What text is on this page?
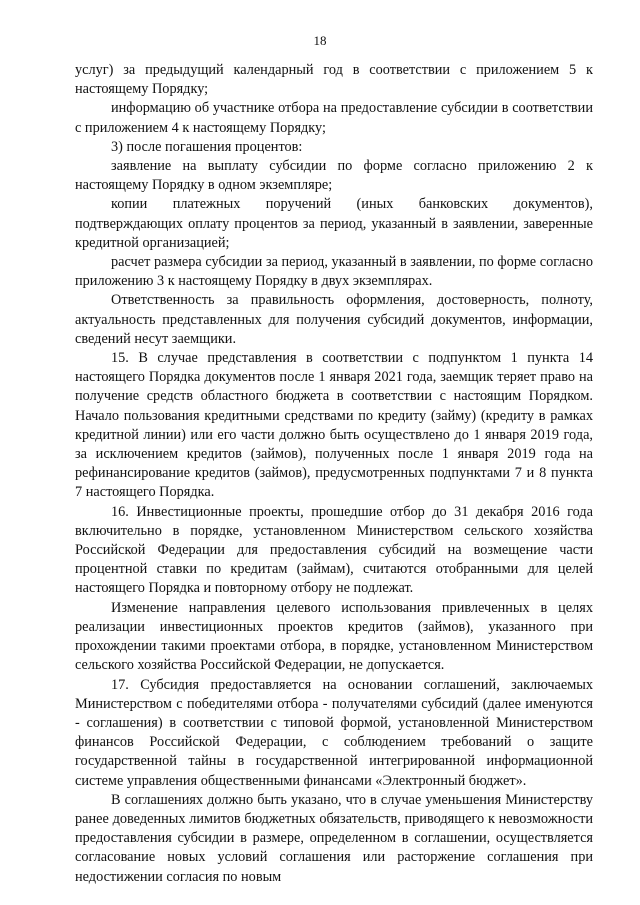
18

услуг) за предыдущий календарный год в соответствии с приложением 5 к настоящему Порядку;

информацию об участнике отбора на предоставление субсидии в соответствии с приложением 4 к настоящему Порядку;

3) после погашения процентов:

заявление на выплату субсидии по форме согласно приложению 2 к настоящему Порядку в одном экземпляре;

копии платежных поручений (иных банковских документов), подтверждающих оплату процентов за период, указанный в заявлении, заверенные кредитной организацией;

расчет размера субсидии за период, указанный в заявлении, по форме согласно приложению 3 к настоящему Порядку в двух экземплярах.

Ответственность за правильность оформления, достоверность, полноту, актуальность представленных для получения субсидий документов, информации, сведений несут заемщики.

15. В случае представления в соответствии с подпунктом 1 пункта 14 настоящего Порядка документов после 1 января 2021 года, заемщик теряет право на получение средств областного бюджета в соответствии с настоящим Порядком. Начало пользования кредитными средствами по кредиту (займу) (кредиту в рамках кредитной линии) или его части должно быть осуществлено до 1 января 2019 года, за исключением кредитов (займов), полученных после 1 января 2019 года на рефинансирование кредитов (займов), предусмотренных подпунктами 7 и 8 пункта 7 настоящего Порядка.

16. Инвестиционные проекты, прошедшие отбор до 31 декабря 2016 года включительно в порядке, установленном Министерством сельского хозяйства Российской Федерации для предоставления субсидий на возмещение части процентной ставки по кредитам (займам), считаются отобранными для целей настоящего Порядка и повторному отбору не подлежат.

Изменение направления целевого использования привлеченных в целях реализации инвестиционных проектов кредитов (займов), указанного при прохождении такими проектами отбора, в порядке, установленном Министерством сельского хозяйства Российской Федерации, не допускается.

17. Субсидия предоставляется на основании соглашений, заключаемых Министерством с победителями отбора - получателями субсидий (далее именуются - соглашения) в соответствии с типовой формой, установленной Министерством финансов Российской Федерации, с соблюдением требований о защите государственной тайны в государственной интегрированной информационной системе управления общественными финансами «Электронный бюджет».

В соглашениях должно быть указано, что в случае уменьшения Министерству ранее доведенных лимитов бюджетных обязательств, приводящего к невозможности предоставления субсидии в размере, определенном в соглашении, осуществляется согласование новых условий соглашения или расторжение соглашения при недостижении согласия по новым
